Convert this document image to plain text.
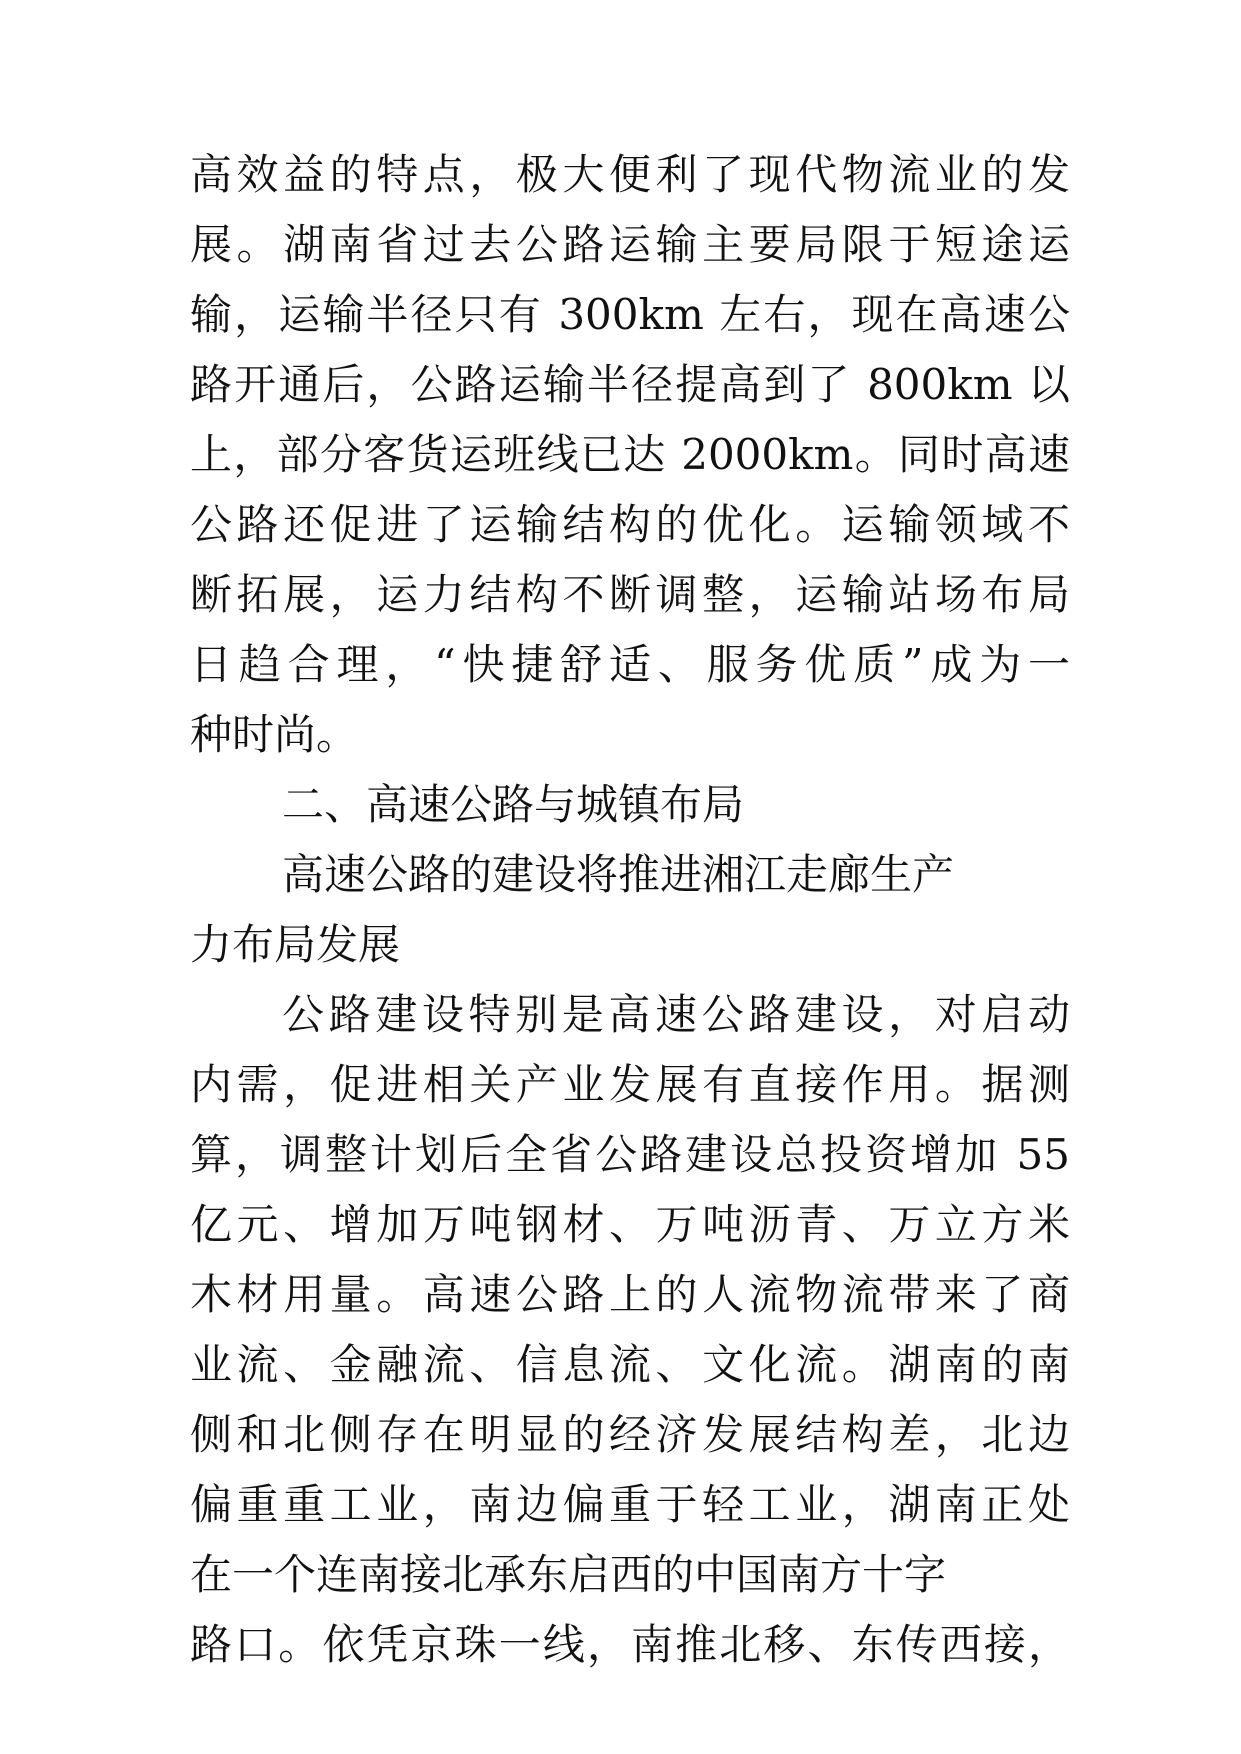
高效益的特点，极大便利了现代物流业的发
展。湖南省过去公路运输主要局限于短途运
输，运输半径只有 300km 左右，现在高速公
路开通后，公路运输半径提高到了 800km 以
上，部分客货运班线已达 2000km。同时高速
公路还促进了运输结构的优化。运输领域不
断拓展，运力结构不断调整，运输站场布局
日趋合理，“快捷舒适、服务优质”成为一
种时尚。
二、高速公路与城镇布局
高速公路的建设将推进湘江走廊生产
力布局发展
公路建设特别是高速公路建设，对启动
内需，促进相关产业发展有直接作用。据测
算，调整计划后全省公路建设总投资增加 55
亿元、增加万吨钢材、万吨沥青、万立方米
木材用量。高速公路上的人流物流带来了商
业流、金融流、信息流、文化流。湖南的南
侧和北侧存在明显的经济发展结构差，北边
偏重重工业，南边偏重于轻工业，湖南正处
在一个连南接北承东启西的中国南方十字
路口。依凭京珠一线，南推北移、东传西接，
